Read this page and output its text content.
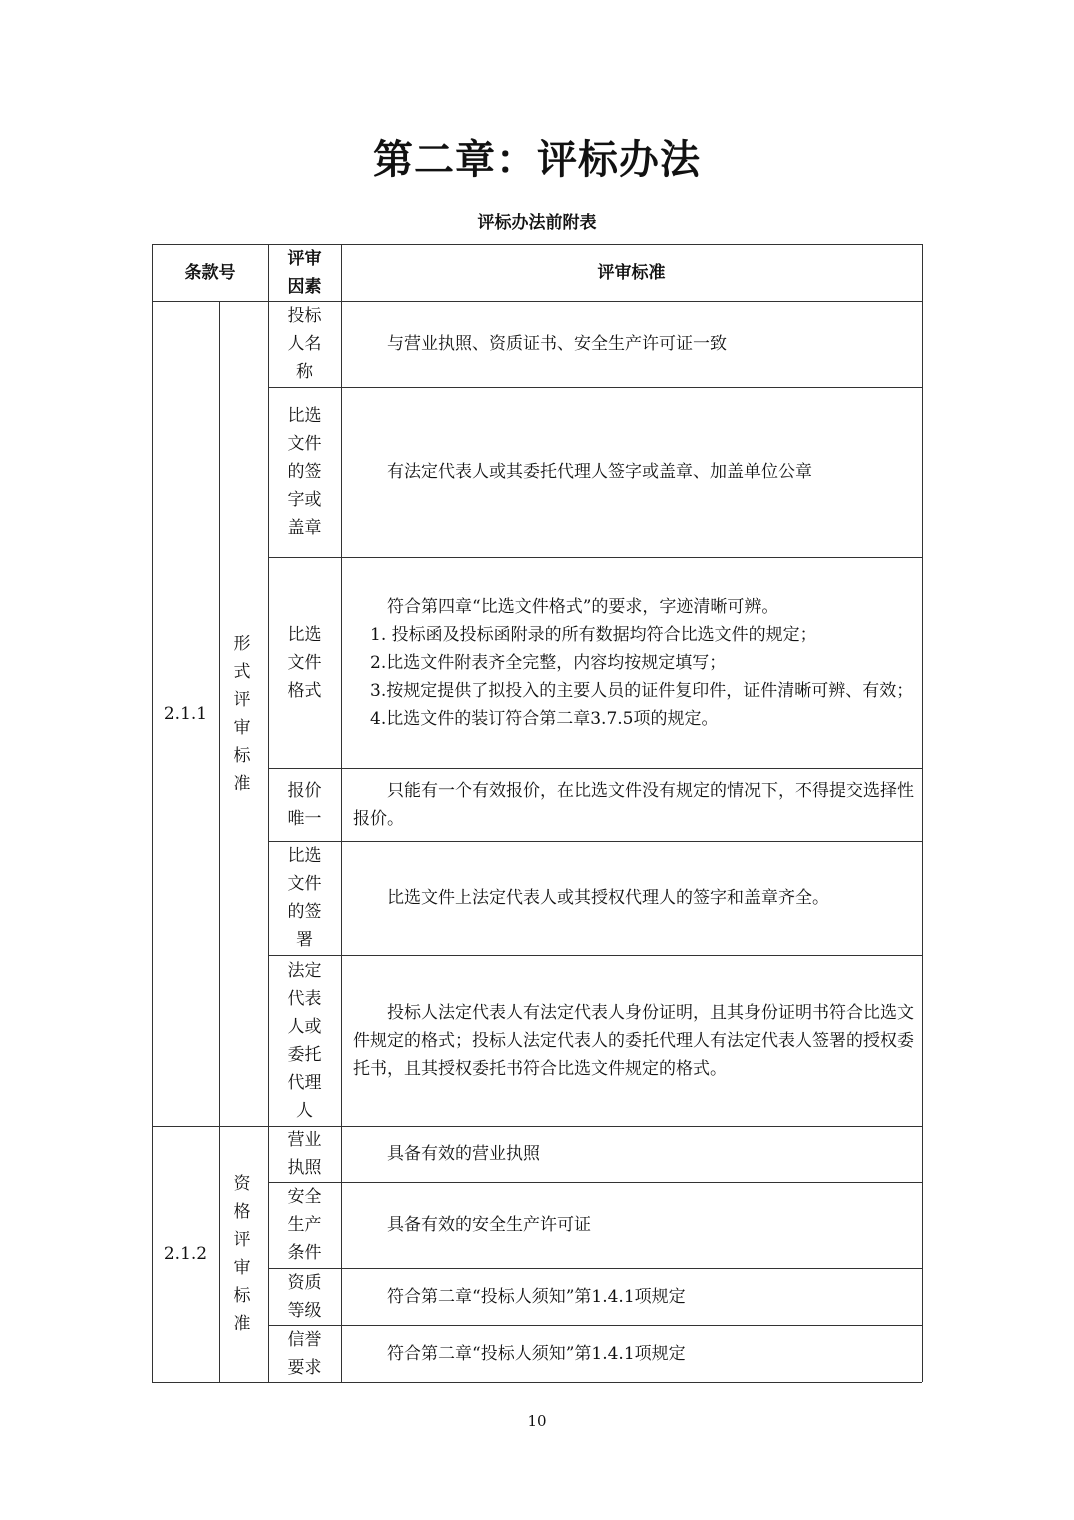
第二章：评标办法
评标办法前附表
条款号
评审因素
评审标准
2.1.1
形式评审标准
投标人名称

与营业执照、资质证书、安全生产许可证一致

比选文件的签字或盖章

有法定代表人或其委托代理人签字或盖章、加盖单位公章

比选文件格式

符合第四章“比选文件格式”的要求，字迹清晰可辨。

1. 投标函及投标函附录的所有数据均符合比选文件的规定；

2.比选文件附表齐全完整，内容均按规定填写；

3.按规定提供了拟投入的主要人员的证件复印件，证件清晰可辨、有效；

4.比选文件的装订符合第二章3.7.5项的规定。

报价唯一

只能有一个有效报价，在比选文件没有规定的情况下，不得提交选择性报价。

比选文件的签署

比选文件上法定代表人或其授权代理人的签字和盖章齐全。

法定代表人或委托代理人

投标人法定代表人有法定代表人身份证明，且其身份证明书符合比选文件规定的格式；投标人法定代表人的委托代理人有法定代表人签署的授权委托书，且其授权委托书符合比选文件规定的格式。

2.1.2
资格评审标准
营业执照

具备有效的营业执照

安全生产条件

具备有效的安全生产许可证

资质等级

符合第二章“投标人须知”第1.4.1项规定

信誉要求

符合第二章“投标人须知”第1.4.1项规定

10
